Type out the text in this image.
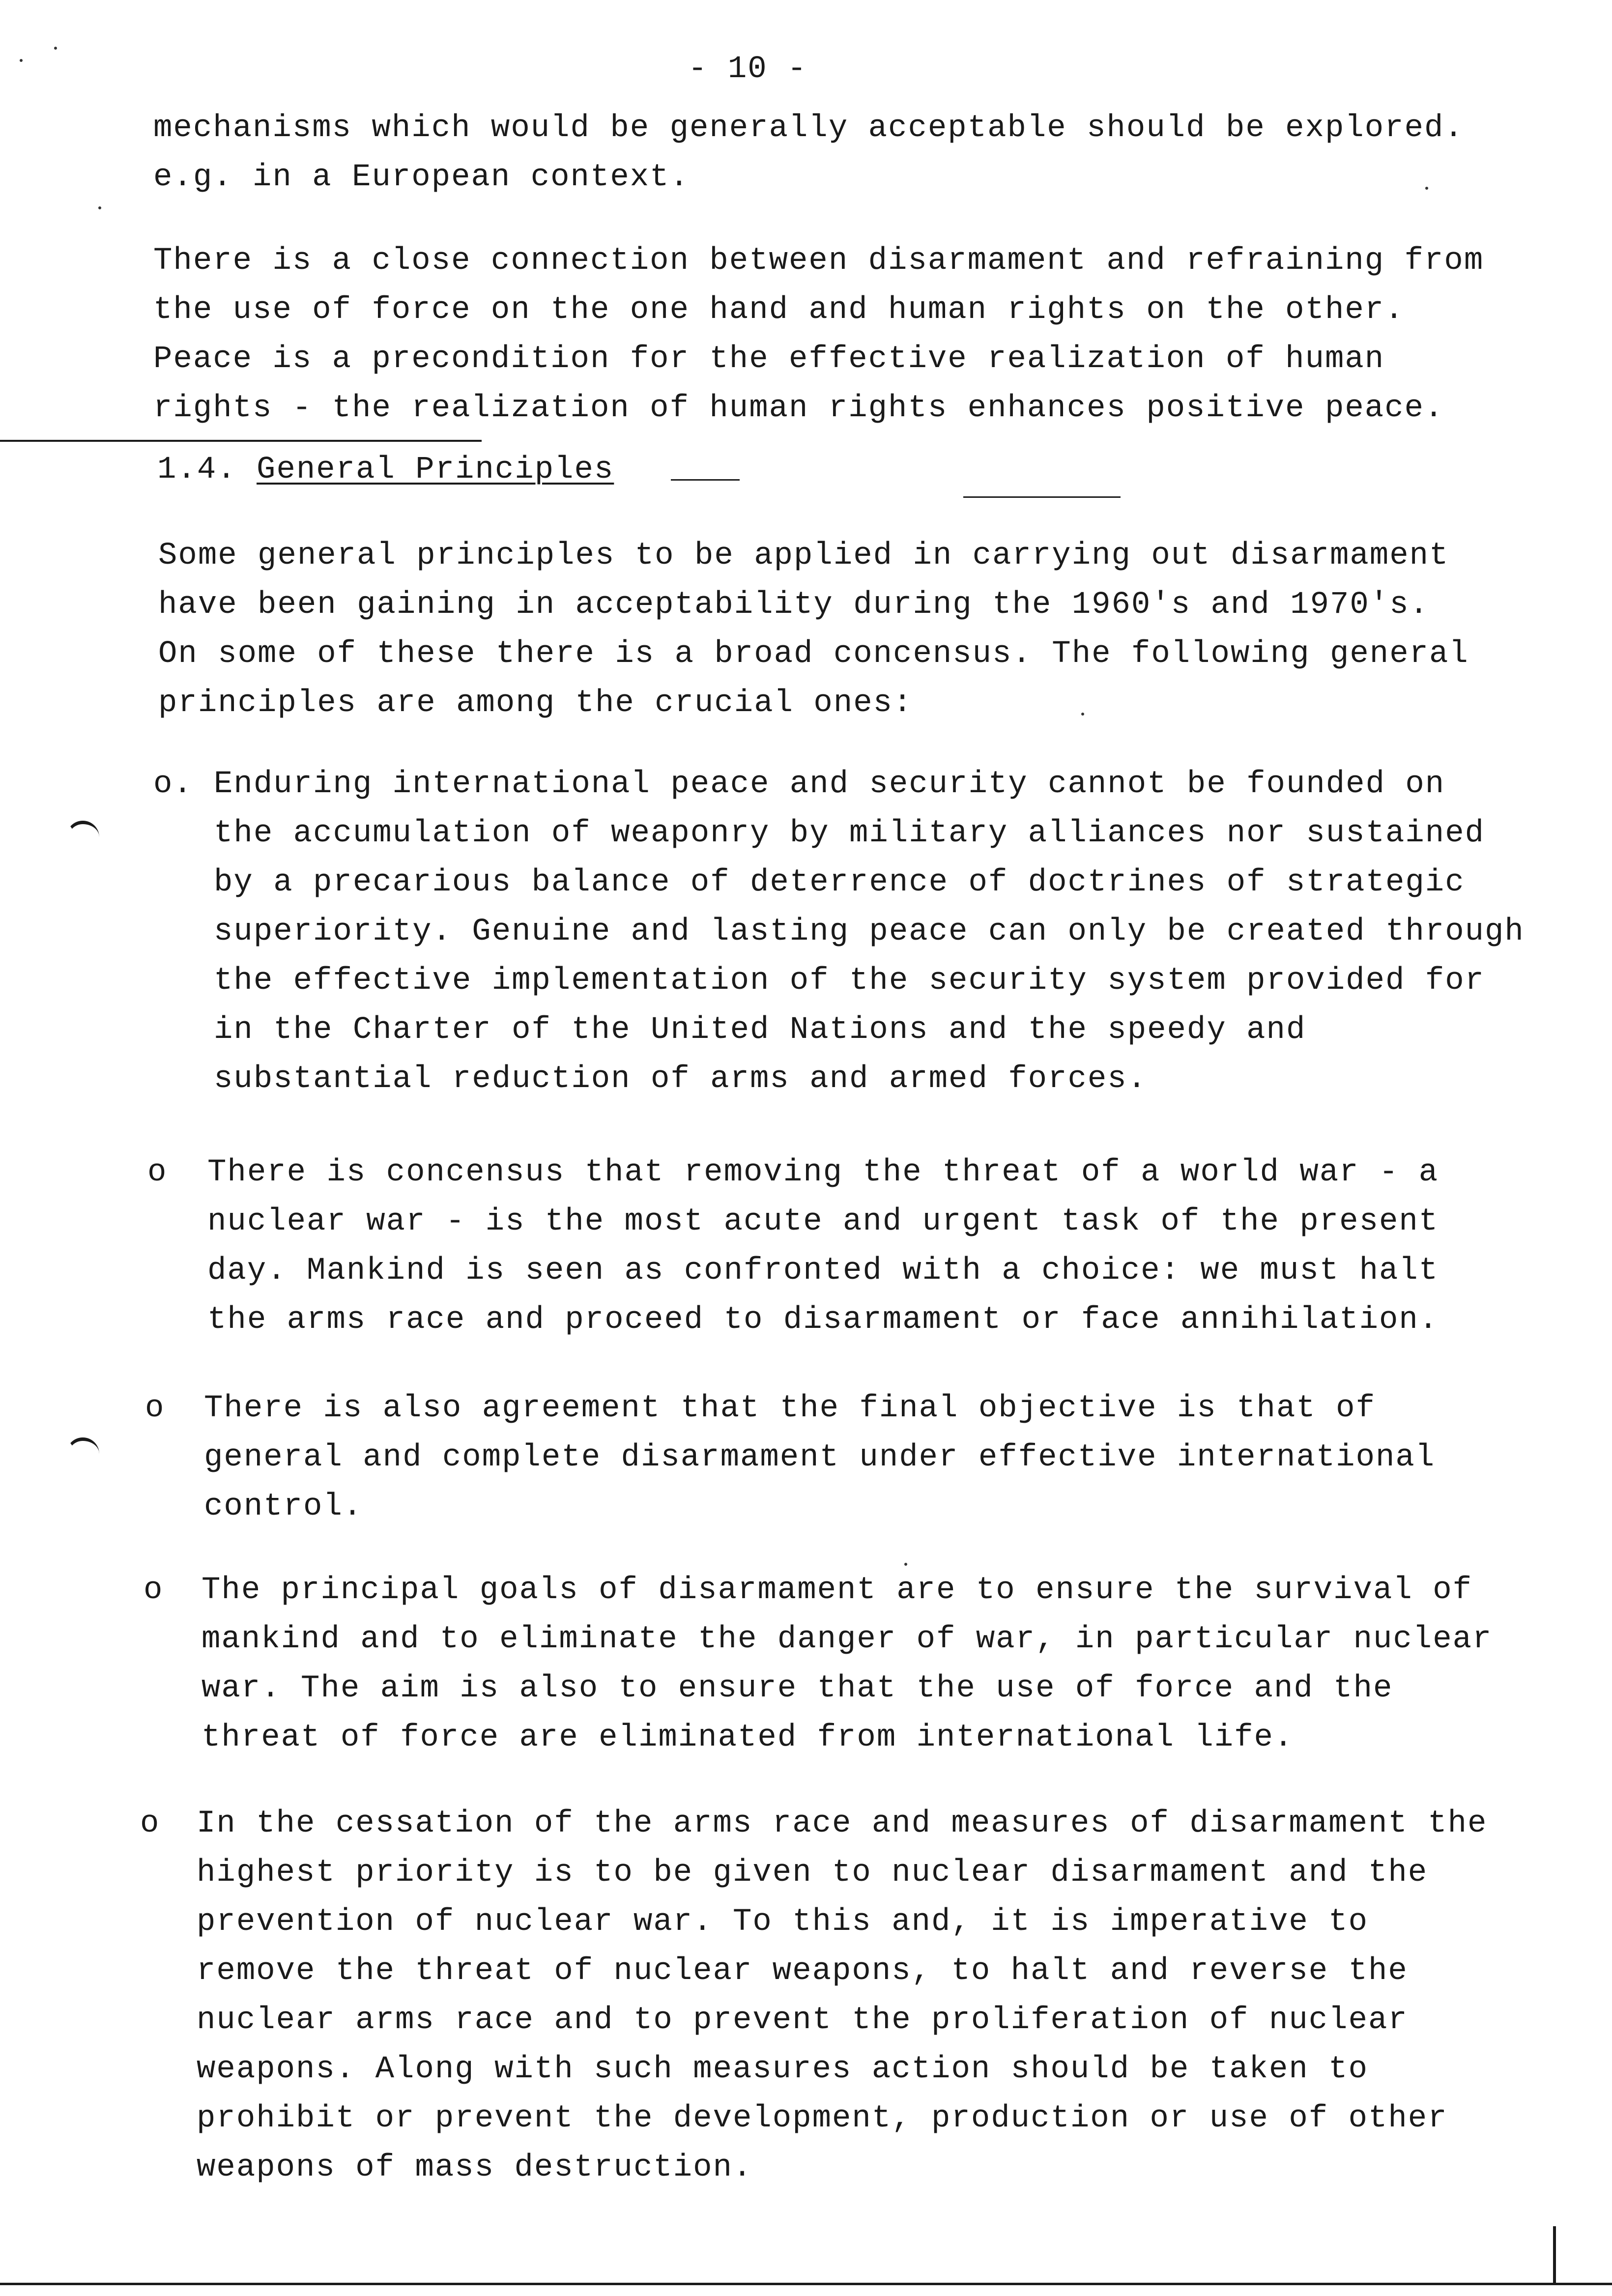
- 10 -
mechanisms which would be generally acceptable should be explored.
e.g. in a European context.
There is a close connection between disarmament and refraining from
the use of force on the one hand and human rights on the other.
Peace is a precondition for the effective realization of human
rights - the realization of human rights enhances positive peace.
1.4. General Principles
Some general principles to be applied in carrying out disarmament
have been gaining in acceptability during the 1960's and 1970's.
On some of these there is a broad concensus. The following general
principles are among the crucial ones:
o. Enduring international peace and security cannot be founded on
the accumulation of weaponry by military alliances nor sustained
by a precarious balance of deterrence of doctrines of strategic
superiority. Genuine and lasting peace can only be created through
the effective implementation of the security system provided for
in the Charter of the United Nations and the speedy and
substantial reduction of arms and armed forces.
o There is concensus that removing the threat of a world war - a
nuclear war - is the most acute and urgent task of the present
day. Mankind is seen as confronted with a choice: we must halt
the arms race and proceed to disarmament or face annihilation.
o There is also agreement that the final objective is that of
general and complete disarmament under effective international
control.
o The principal goals of disarmament are to ensure the survival of
mankind and to eliminate the danger of war, in particular nuclear
war. The aim is also to ensure that the use of force and the
threat of force are eliminated from international life.
o In the cessation of the arms race and measures of disarmament the
highest priority is to be given to nuclear disarmament and the
prevention of nuclear war. To this and, it is imperative to
remove the threat of nuclear weapons, to halt and reverse the
nuclear arms race and to prevent the proliferation of nuclear
weapons. Along with such measures action should be taken to
prohibit or prevent the development, production or use of other
weapons of mass destruction.
